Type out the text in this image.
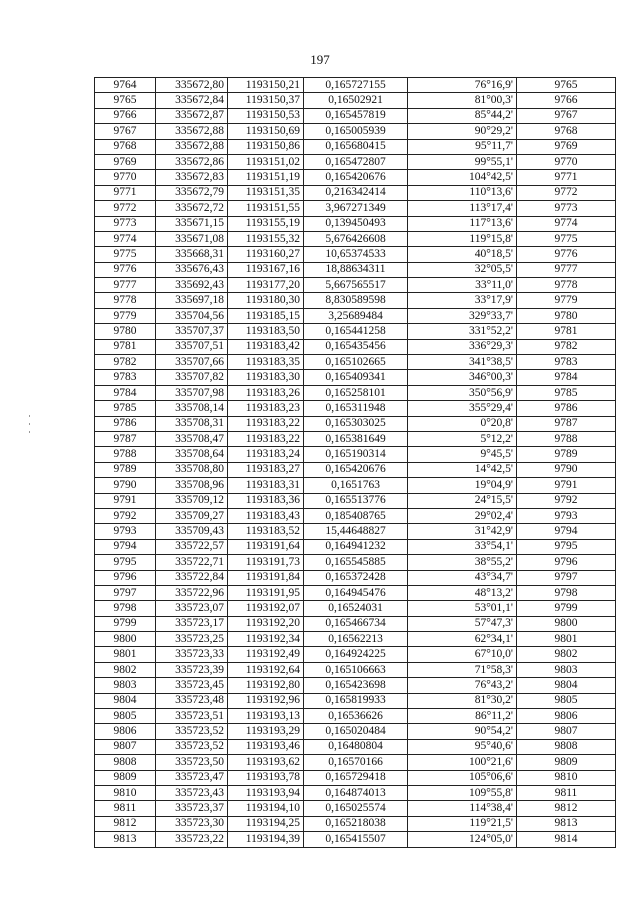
197
9764	335672,80	1193150,21	0,165727155	76°16,9'	9765
9765	335672,84	1193150,37	0,16502921	81°00,3'	9766
9766	335672,87	1193150,53	0,165457819	85°44,2'	9767
9767	335672,88	1193150,69	0,165005939	90°29,2'	9768
9768	335672,88	1193150,86	0,165680415	95°11,7'	9769
9769	335672,86	1193151,02	0,165472807	99°55,1'	9770
9770	335672,83	1193151,19	0,165420676	104°42,5'	9771
9771	335672,79	1193151,35	0,216342414	110°13,6'	9772
9772	335672,72	1193151,55	3,967271349	113°17,4'	9773
9773	335671,15	1193155,19	0,139450493	117°13,6'	9774
9774	335671,08	1193155,32	5,676426608	119°15,8'	9775
9775	335668,31	1193160,27	10,65374533	40°18,5'	9776
9776	335676,43	1193167,16	18,88634311	32°05,5'	9777
9777	335692,43	1193177,20	5,667565517	33°11,0'	9778
9778	335697,18	1193180,30	8,830589598	33°17,9'	9779
9779	335704,56	1193185,15	3,25689484	329°33,7'	9780
9780	335707,37	1193183,50	0,165441258	331°52,2'	9781
9781	335707,51	1193183,42	0,165435456	336°29,3'	9782
9782	335707,66	1193183,35	0,165102665	341°38,5'	9783
9783	335707,82	1193183,30	0,165409341	346°00,3'	9784
9784	335707,98	1193183,26	0,165258101	350°56,9'	9785
9785	335708,14	1193183,23	0,165311948	355°29,4'	9786
9786	335708,31	1193183,22	0,165303025	0°20,8'	9787
9787	335708,47	1193183,22	0,165381649	5°12,2'	9788
9788	335708,64	1193183,24	0,165190314	9°45,5'	9789
9789	335708,80	1193183,27	0,165420676	14°42,5'	9790
9790	335708,96	1193183,31	0,1651763	19°04,9'	9791
9791	335709,12	1193183,36	0,165513776	24°15,5'	9792
9792	335709,27	1193183,43	0,185408765	29°02,4'	9793
9793	335709,43	1193183,52	15,44648827	31°42,9'	9794
9794	335722,57	1193191,64	0,164941232	33°54,1'	9795
9795	335722,71	1193191,73	0,165545885	38°55,2'	9796
9796	335722,84	1193191,84	0,165372428	43°34,7'	9797
9797	335722,96	1193191,95	0,164945476	48°13,2'	9798
9798	335723,07	1193192,07	0,16524031	53°01,1'	9799
9799	335723,17	1193192,20	0,165466734	57°47,3'	9800
9800	335723,25	1193192,34	0,16562213	62°34,1'	9801
9801	335723,33	1193192,49	0,164924225	67°10,0'	9802
9802	335723,39	1193192,64	0,165106663	71°58,3'	9803
9803	335723,45	1193192,80	0,165423698	76°43,2'	9804
9804	335723,48	1193192,96	0,165819933	81°30,2'	9805
9805	335723,51	1193193,13	0,16536626	86°11,2'	9806
9806	335723,52	1193193,29	0,165020484	90°54,2'	9807
9807	335723,52	1193193,46	0,16480804	95°40,6'	9808
9808	335723,50	1193193,62	0,16570166	100°21,6'	9809
9809	335723,47	1193193,78	0,165729418	105°06,6'	9810
9810	335723,43	1193193,94	0,164874013	109°55,8'	9811
9811	335723,37	1193194,10	0,165025574	114°38,4'	9812
9812	335723,30	1193194,25	0,165218038	119°21,5'	9813
9813	335723,22	1193194,39	0,165415507	124°05,0'	9814
